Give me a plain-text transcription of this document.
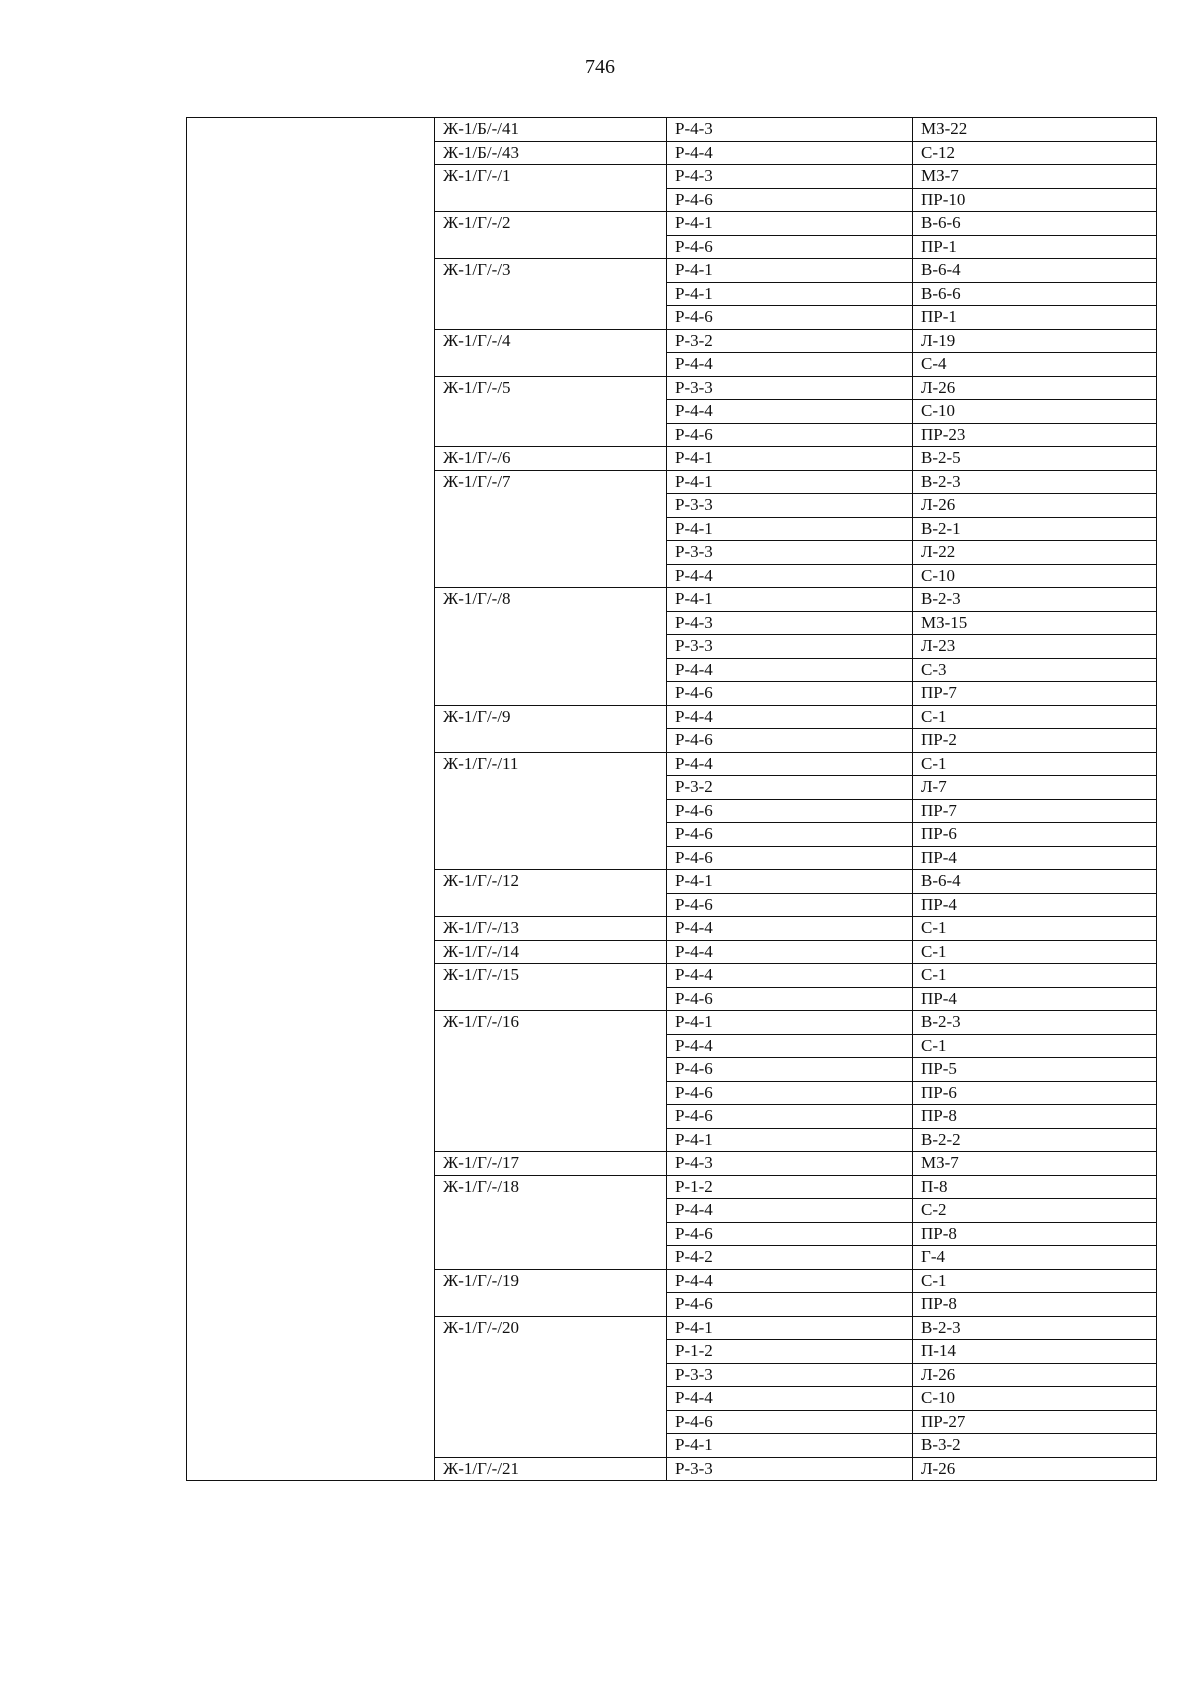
746
	Ж-1/Б/-/41	Р-4-3	МЗ-22
	Ж-1/Б/-/43	Р-4-4	С-12
	Ж-1/Г/-/1	Р-4-3	МЗ-7
		Р-4-6	ПР-10
	Ж-1/Г/-/2	Р-4-1	В-6-6
		Р-4-6	ПР-1
	Ж-1/Г/-/3	Р-4-1	В-6-4
		Р-4-1	В-6-6
		Р-4-6	ПР-1
	Ж-1/Г/-/4	Р-3-2	Л-19
		Р-4-4	С-4
	Ж-1/Г/-/5	Р-3-3	Л-26
		Р-4-4	С-10
		Р-4-6	ПР-23
	Ж-1/Г/-/6	Р-4-1	В-2-5
	Ж-1/Г/-/7	Р-4-1	В-2-3
		Р-3-3	Л-26
		Р-4-1	В-2-1
		Р-3-3	Л-22
		Р-4-4	С-10
	Ж-1/Г/-/8	Р-4-1	В-2-3
		Р-4-3	МЗ-15
		Р-3-3	Л-23
		Р-4-4	С-3
		Р-4-6	ПР-7
	Ж-1/Г/-/9	Р-4-4	С-1
		Р-4-6	ПР-2
	Ж-1/Г/-/11	Р-4-4	С-1
		Р-3-2	Л-7
		Р-4-6	ПР-7
		Р-4-6	ПР-6
		Р-4-6	ПР-4
	Ж-1/Г/-/12	Р-4-1	В-6-4
		Р-4-6	ПР-4
	Ж-1/Г/-/13	Р-4-4	С-1
	Ж-1/Г/-/14	Р-4-4	С-1
	Ж-1/Г/-/15	Р-4-4	С-1
		Р-4-6	ПР-4
	Ж-1/Г/-/16	Р-4-1	В-2-3
		Р-4-4	С-1
		Р-4-6	ПР-5
		Р-4-6	ПР-6
		Р-4-6	ПР-8
		Р-4-1	В-2-2
	Ж-1/Г/-/17	Р-4-3	МЗ-7
	Ж-1/Г/-/18	Р-1-2	П-8
		Р-4-4	С-2
		Р-4-6	ПР-8
		Р-4-2	Г-4
	Ж-1/Г/-/19	Р-4-4	С-1
		Р-4-6	ПР-8
	Ж-1/Г/-/20	Р-4-1	В-2-3
		Р-1-2	П-14
		Р-3-3	Л-26
		Р-4-4	С-10
		Р-4-6	ПР-27
		Р-4-1	В-3-2
	Ж-1/Г/-/21	Р-3-3	Л-26
